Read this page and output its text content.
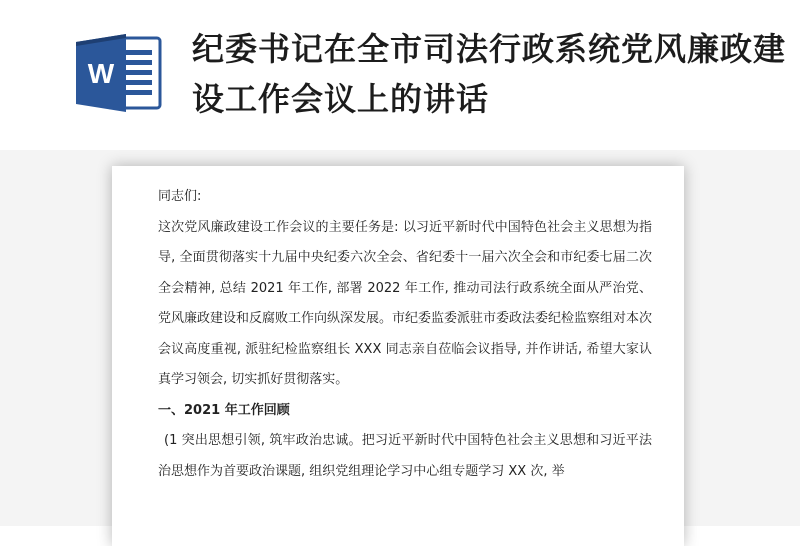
W
纪委书记在全市司法行政系统党风廉政建设工作会议上的讲话

同志们:

这次党风廉政建设工作会议的主要任务是: 以习近平新时代中国特色社会主义思想为指导, 全面贯彻落实十九届中央纪委六次全会、省纪委十一届六次全会和市纪委七届二次全会精神, 总结 2021 年工作, 部署 2022 年工作, 推动司法行政系统全面从严治党、党风廉政建设和反腐败工作向纵深发展。市纪委监委派驻市委政法委纪检监察组对本次会议高度重视, 派驻纪检监察组长 XXX 同志亲自莅临会议指导, 并作讲话, 希望大家认真学习领会, 切实抓好贯彻落实。

一、2021 年工作回顾

(1 突出思想引领, 筑牢政治忠诚。把习近平新时代中国特色社会主义思想和习近平法治思想作为首要政治课题, 组织党组理论学习中心组专题学习 XX 次, 举
